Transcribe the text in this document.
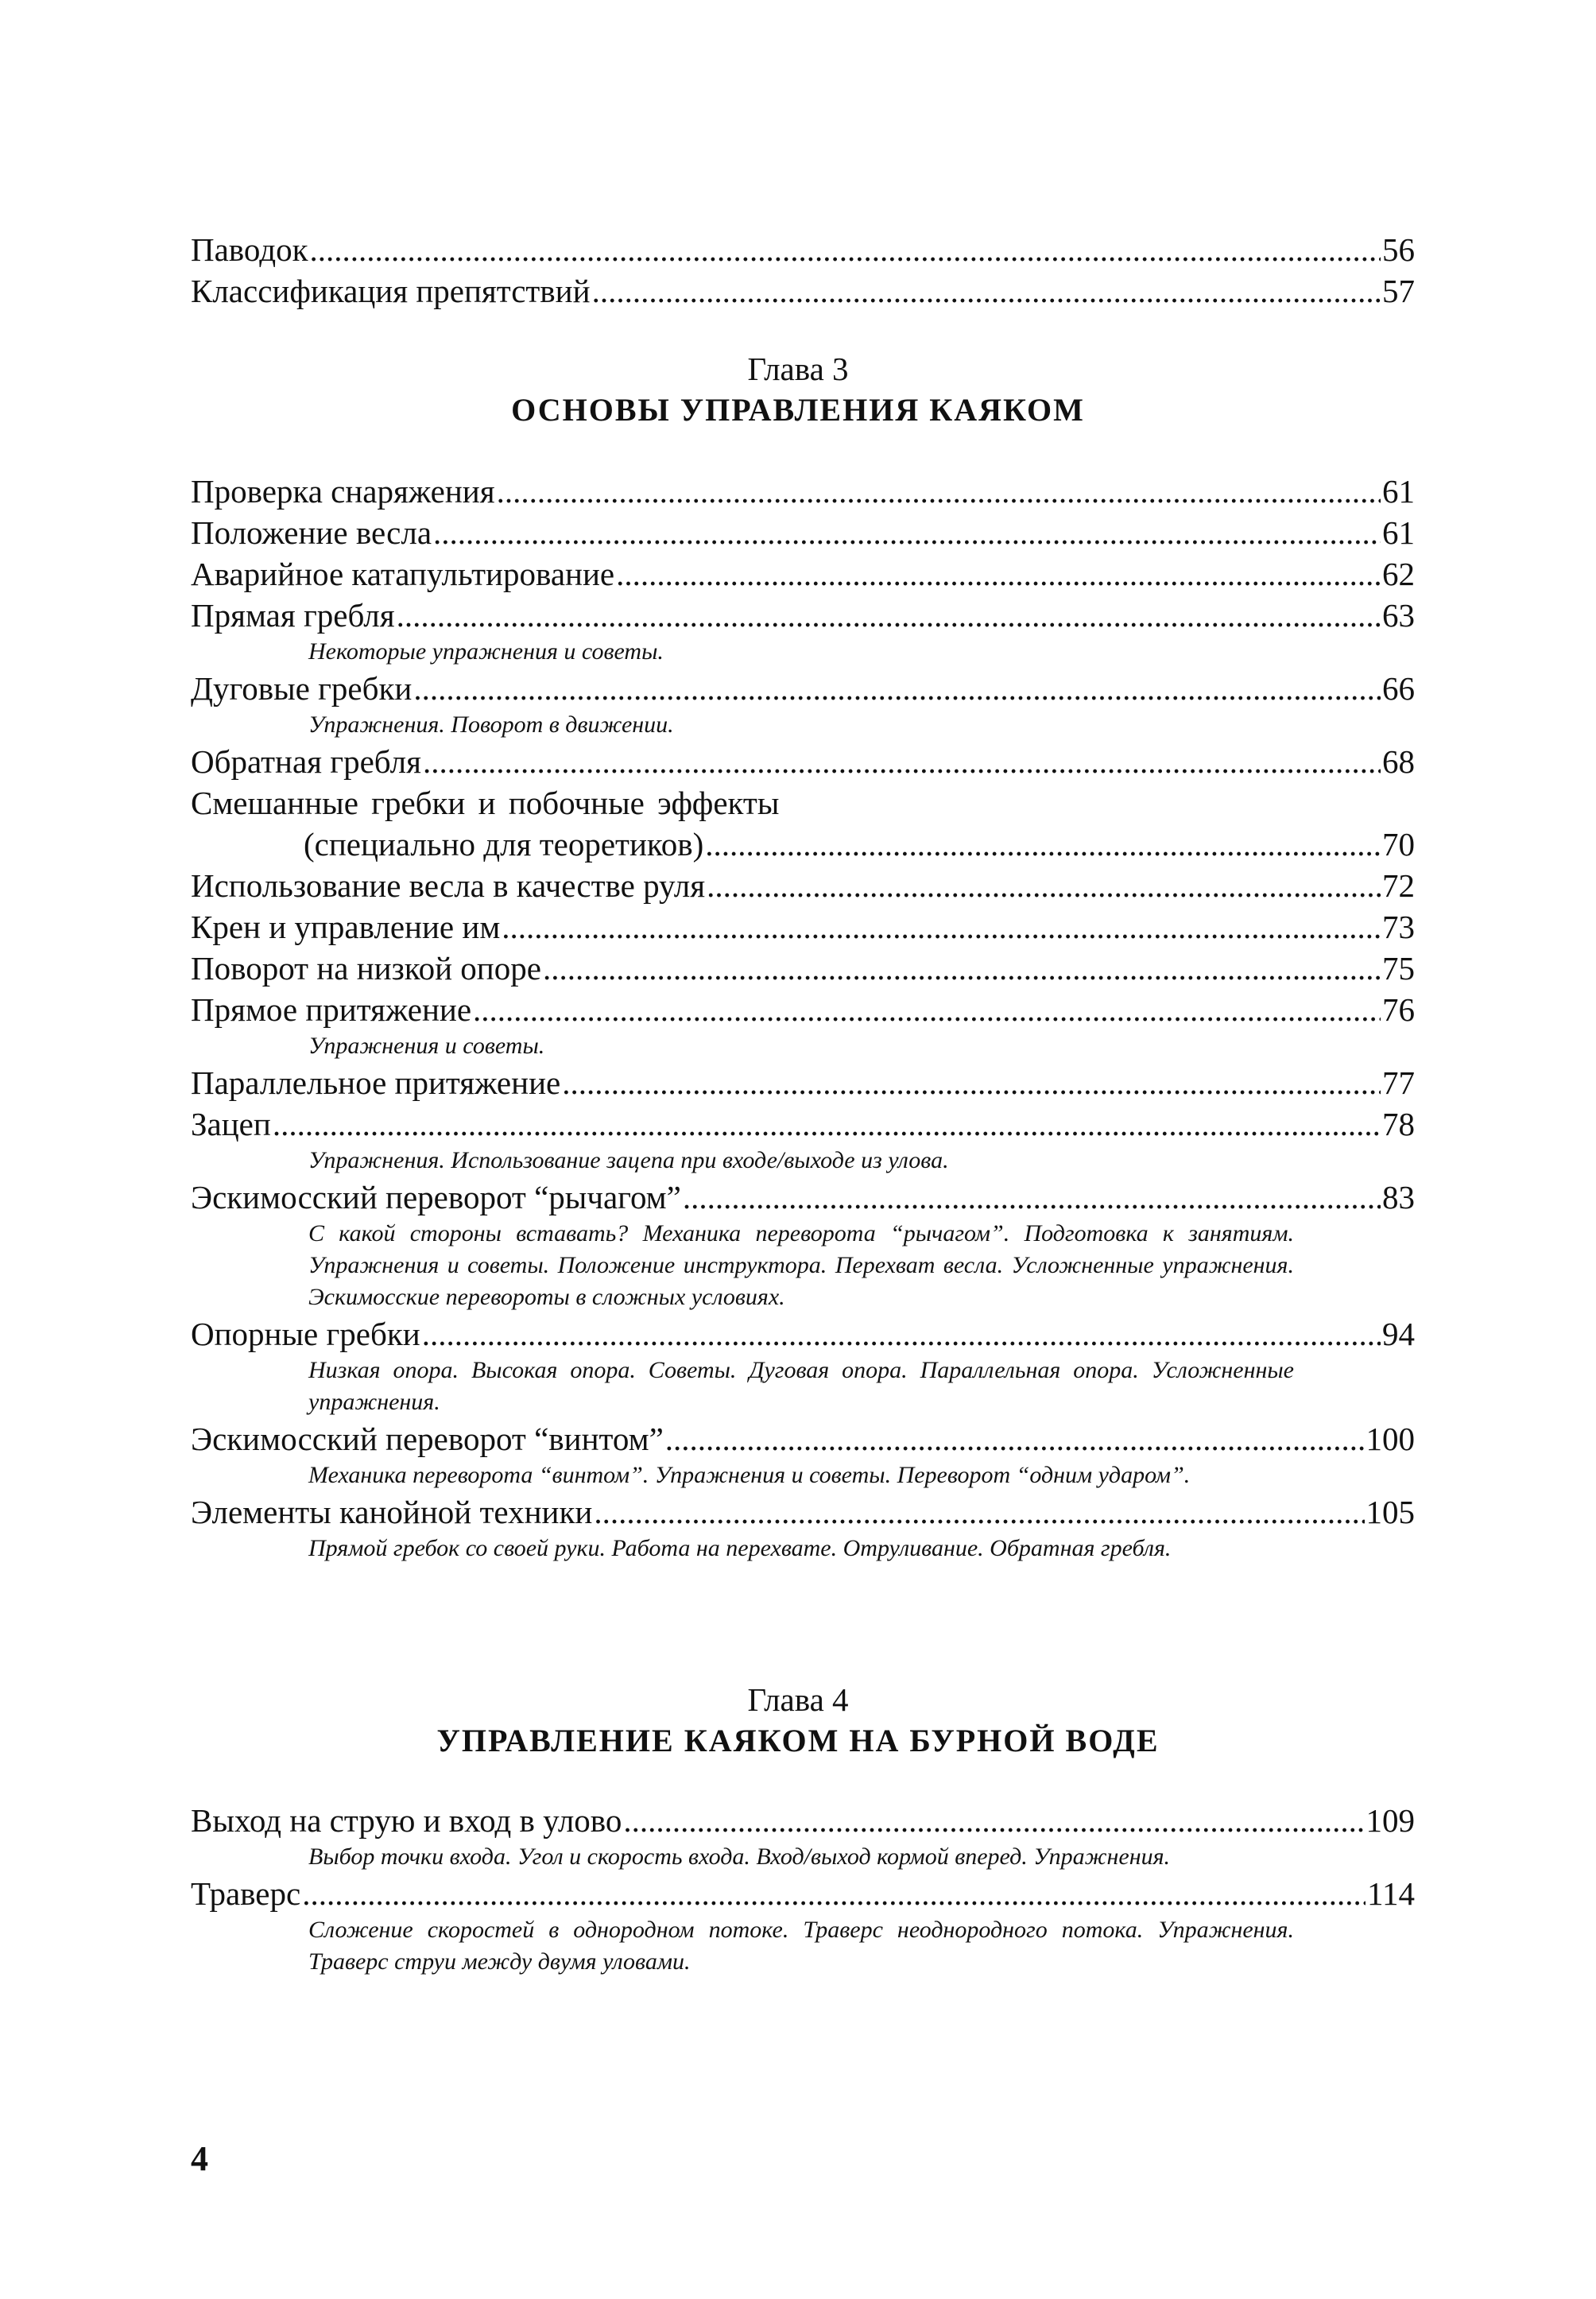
Паводок .....	56
Классификация препятствий .....	57
Глава 3
ОСНОВЫ УПРАВЛЕНИЯ КАЯКОМ
Проверка снаряжения .....	61
Положение весла .....	61
Аварийное катапультирование .....	62
Прямая гребля .....	63
Некоторые упражнения и советы.
Дуговые гребки .....	66
Упражнения. Поворот в движении.
Обратная гребля .....	68
Смешанные гребки и побочные эффекты
(специально для теоретиков) .....	70
Использование весла в качестве руля .....	72
Крен и управление им .....	73
Поворот на низкой опоре .....	75
Прямое притяжение .....	76
Упражнения и советы.
Параллельное притяжение .....	77
Зацеп .....	78
Упражнения. Использование зацепа при входе/выходе из улова.
Эскимосский переворот “рычагом” .....	83
С какой стороны вставать? Механика переворота “рычагом”. Подготовка к занятиям. Упражнения и советы. Положение инструктора. Перехват весла. Усложненные упражнения. Эскимосские перевороты в сложных условиях.
Опорные гребки .....	94
Низкая опора. Высокая опора. Советы. Дуговая опора. Параллельная опора. Усложненные упражнения.
Эскимосский переворот “винтом” .....	100
Механика переворота “винтом”. Упражнения и советы. Переворот “одним ударом”.
Элементы канойной техники .....	105
Прямой гребок со своей руки. Работа на перехвате. Отруливание. Обратная гребля.
Глава 4
УПРАВЛЕНИЕ КАЯКОМ НА БУРНОЙ ВОДЕ
Выход на струю и вход в улово .....	109
Выбор точки входа. Угол и скорость входа. Вход/выход кормой вперед. Упражнения.
Траверс .....	114
Сложение скоростей в однородном потоке. Траверс неоднородного потока. Упражнения. Траверс струи между двумя уловами.
4
